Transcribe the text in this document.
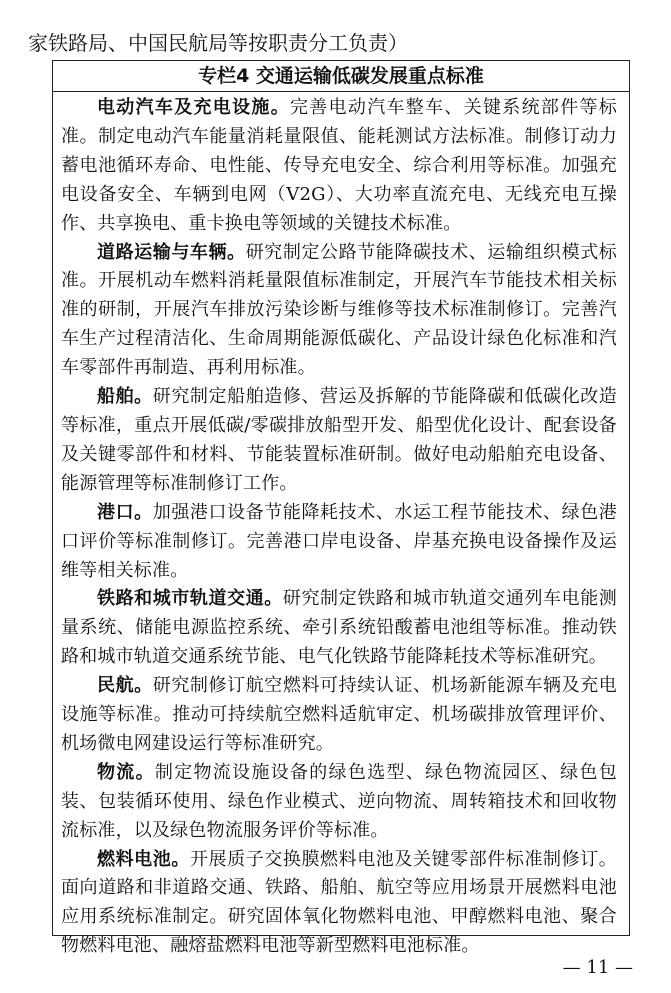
家铁路局、中国民航局等按职责分工负责）
专栏4 交通运输低碳发展重点标准

电动汽车及充电设施。完善电动汽车整车、关键系统部件等标准。制定电动汽车能量消耗量限值、能耗测试方法标准。制修订动力蓄电池循环寿命、电性能、传导充电安全、综合利用等标准。加强充电设备安全、车辆到电网（V2G）、大功率直流充电、无线充电互操作、共享换电、重卡换电等领域的关键技术标准。

道路运输与车辆。研究制定公路节能降碳技术、运输组织模式标准。开展机动车燃料消耗量限值标准制定，开展汽车节能技术相关标准的研制，开展汽车排放污染诊断与维修等技术标准制修订。完善汽车生产过程清洁化、生命周期能源低碳化、产品设计绿色化标准和汽车零部件再制造、再利用标准。

船舶。研究制定船舶造修、营运及拆解的节能降碳和低碳化改造等标准，重点开展低碳/零碳排放船型开发、船型优化设计、配套设备及关键零部件和材料、节能装置标准研制。做好电动船舶充电设备、能源管理等标准制修订工作。

港口。加强港口设备节能降耗技术、水运工程节能技术、绿色港口评价等标准制修订。完善港口岸电设备、岸基充换电设备操作及运维等相关标准。

铁路和城市轨道交通。研究制定铁路和城市轨道交通列车电能测量系统、储能电源监控系统、牵引系统铅酸蓄电池组等标准。推动铁路和城市轨道交通系统节能、电气化铁路节能降耗技术等标准研究。

民航。研究制修订航空燃料可持续认证、机场新能源车辆及充电设施等标准。推动可持续航空燃料适航审定、机场碳排放管理评价、机场微电网建设运行等标准研究。

物流。制定物流设施设备的绿色选型、绿色物流园区、绿色包装、包装循环使用、绿色作业模式、逆向物流、周转箱技术和回收物流标准，以及绿色物流服务评价等标准。

燃料电池。开展质子交换膜燃料电池及关键零部件标准制修订。面向道路和非道路交通、铁路、船舶、航空等应用场景开展燃料电池应用系统标准制定。研究固体氧化物燃料电池、甲醇燃料电池、聚合物燃料电池、融熔盐燃料电池等新型燃料电池标准。

— 11 —
